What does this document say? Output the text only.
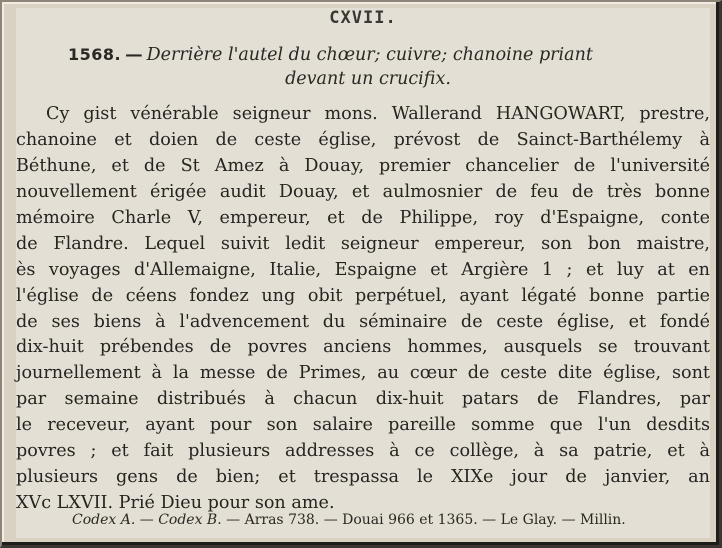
CXVII.
1568. — Derrière l'autel du chœur; cuivre; chanoine priant
devant un crucifix.
Cy gist vénérable seigneur mons. Wallerand HANGOWART, prestre,
chanoine et doien de ceste église, prévost de Sainct-Barthélemy à
Béthune, et de St Amez à Douay, premier chancelier de l'université
nouvellement érigée audit Douay, et aulmosnier de feu de très bonne
mémoire Charle V, empereur, et de Philippe, roy d'Espaigne, conte
de Flandre. Lequel suivit ledit seigneur empereur, son bon maistre,
ès voyages d'Allemaigne, Italie, Espaigne et Argière 1 ; et luy at en
l'église de céens fondez ung obit perpétuel, ayant légaté bonne partie
de ses biens à l'advencement du séminaire de ceste église, et fondé
dix-huit prébendes de povres anciens hommes, ausquels se trouvant
journellement à la messe de Primes, au cœur de ceste dite église, sont
par semaine distribués à chacun dix-huit patars de Flandres, par
le receveur, ayant pour son salaire pareille somme que l'un desdits
povres ; et fait plusieurs addresses à ce collège, à sa patrie, et à
plusieurs gens de bien; et trespassa le XIXe jour de janvier, an
XVc LXVII. Prié Dieu pour son ame.
Codex A. — Codex B. — Arras 738. — Douai 966 et 1365. — Le Glay. — Millin.
